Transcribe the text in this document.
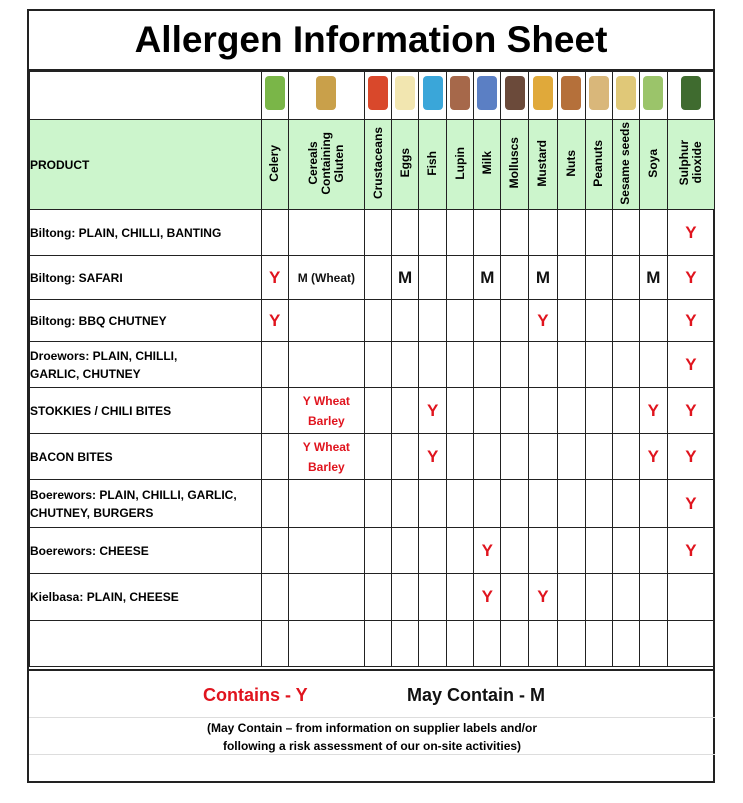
Allergen Information Sheet

PRODUCT	Celery	Cereals
Containing
Gluten	Crustaceans	Eggs	Fish	Lupin	Milk	Molluscs	Mustard	Nuts	Peanuts	Sesame seeds	Soya	Sulphur
dioxide
Biltong: PLAIN, CHILLI, BANTING														Y
Biltong: SAFARI	Y	M (Wheat)		M			M		M				M	Y
Biltong: BBQ CHUTNEY	Y								Y					Y
Droewors: PLAIN, CHILLI,
GARLIC, CHUTNEY														Y
STOKKIES / CHILI BITES		Y Wheat
Barley			Y								Y	Y
BACON BITES		Y Wheat
Barley			Y								Y	Y
Boerewors: PLAIN, CHILLI, GARLIC,
CHUTNEY, BURGERS														Y
Boerewors: CHEESE							Y							Y
Kielbasa: PLAIN, CHEESE							Y		Y					

Contains - Y	May Contain - M
(May Contain – from information on supplier labels and/or
following a risk assessment of our on-site activities)
